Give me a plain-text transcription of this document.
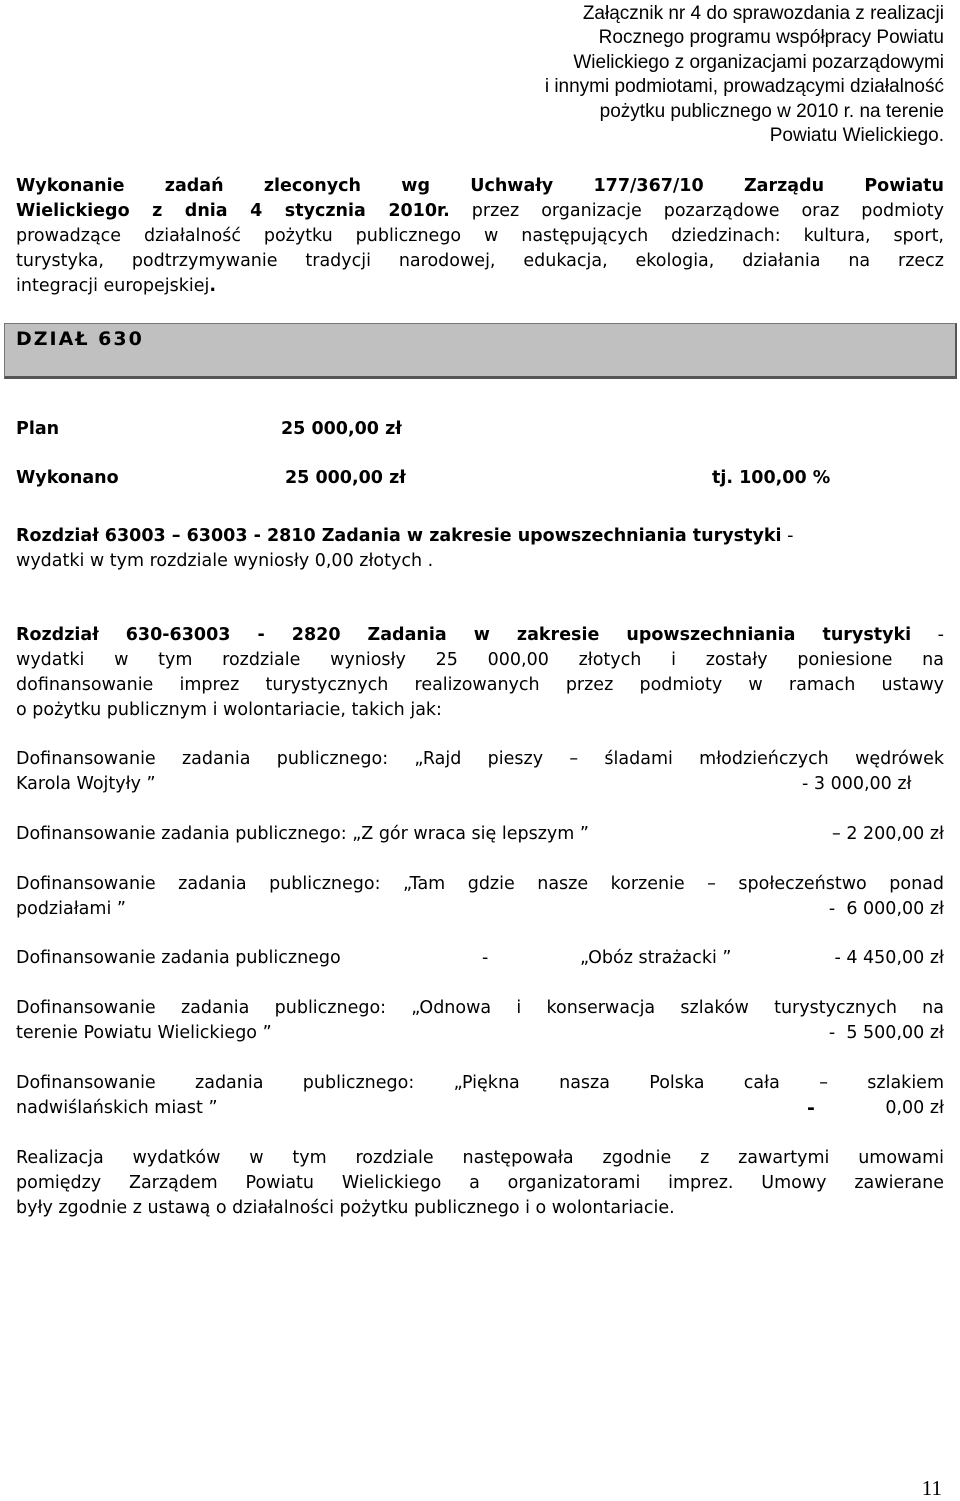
Załącznik nr 4 do sprawozdania z realizacji
Rocznego programu współpracy Powiatu
Wielickiego z organizacjami pozarządowymi
i innymi podmiotami, prowadzącymi działalność
pożytku publicznego w 2010 r. na terenie
Powiatu Wielickiego.
Wykonanie zadań zleconych wg Uchwały 177/367/10 Zarządu Powiatu
Wielickiego z dnia 4 stycznia 2010r. przez organizacje pozarządowe oraz podmioty
prowadzące działalność pożytku publicznego w następujących dziedzinach: kultura, sport,
turystyka, podtrzymywanie tradycji narodowej, edukacja, ekologia, działania na rzecz
integracji europejskiej.
DZIAŁ 630
Plan	25 000,00 zł
Wykonano	25 000,00 zł	tj. 100,00 %
Rozdział 63003 – 63003 - 2810 Zadania w zakresie upowszechniania turystyki -
wydatki w tym rozdziale wyniosły 0,00 złotych .
Rozdział 630-63003 - 2820 Zadania w zakresie upowszechniania turystyki -
wydatki w tym rozdziale wyniosły 25 000,00 złotych i zostały poniesione na
dofinansowanie imprez turystycznych realizowanych przez podmioty w ramach ustawy
o pożytku publicznym i wolontariacie, takich jak:
Dofinansowanie zadania publicznego: „Rajd pieszy – śladami młodzieńczych wędrówek
Karola Wojtyły ”	- 3 000,00 zł
Dofinansowanie zadania publicznego: „Z gór wraca się lepszym ”	– 2 200,00 zł
Dofinansowanie zadania publicznego: „Tam gdzie nasze korzenie – społeczeństwo ponad
podziałami ”	-  6 000,00 zł
Dofinansowanie zadania publicznego	-	„Obóz strażacki ”	- 4 450,00 zł
Dofinansowanie zadania publicznego: „Odnowa i konserwacja szlaków turystycznych na
terenie Powiatu Wielickiego ”	-  5 500,00 zł
Dofinansowanie zadania publicznego: „Piękna nasza Polska cała – szlakiem
nadwiślańskich miast ”	-	0,00 zł
Realizacja wydatków w tym rozdziale następowała zgodnie z zawartymi umowami
pomiędzy Zarządem Powiatu Wielickiego a organizatorami imprez. Umowy zawierane
były zgodnie z ustawą o działalności pożytku publicznego i o wolontariacie.
11
